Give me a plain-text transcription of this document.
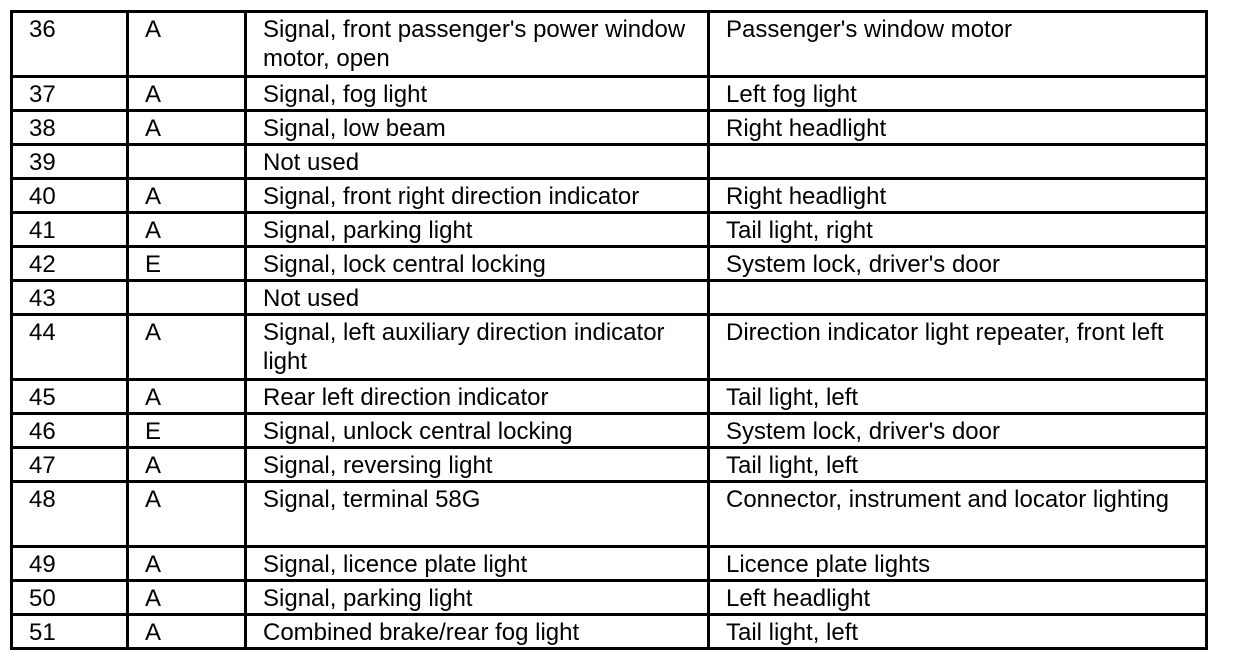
36	A	Signal, front passenger's power window motor, open	Passenger's window motor
37	A	Signal, fog light	Left fog light
38	A	Signal, low beam	Right headlight
39		Not used	
40	A	Signal, front right direction indicator	Right headlight
41	A	Signal, parking light	Tail light, right
42	E	Signal, lock central locking	System lock, driver's door
43		Not used	
44	A	Signal, left auxiliary direction indicator light	Direction indicator light repeater, front left
45	A	Rear left direction indicator	Tail light, left
46	E	Signal, unlock central locking	System lock, driver's door
47	A	Signal, reversing light	Tail light, left
48	A	Signal, terminal 58G	Connector, instrument and locator lighting
49	A	Signal, licence plate light	Licence plate lights
50	A	Signal, parking light	Left headlight
51	A	Combined brake/rear fog light	Tail light, left
